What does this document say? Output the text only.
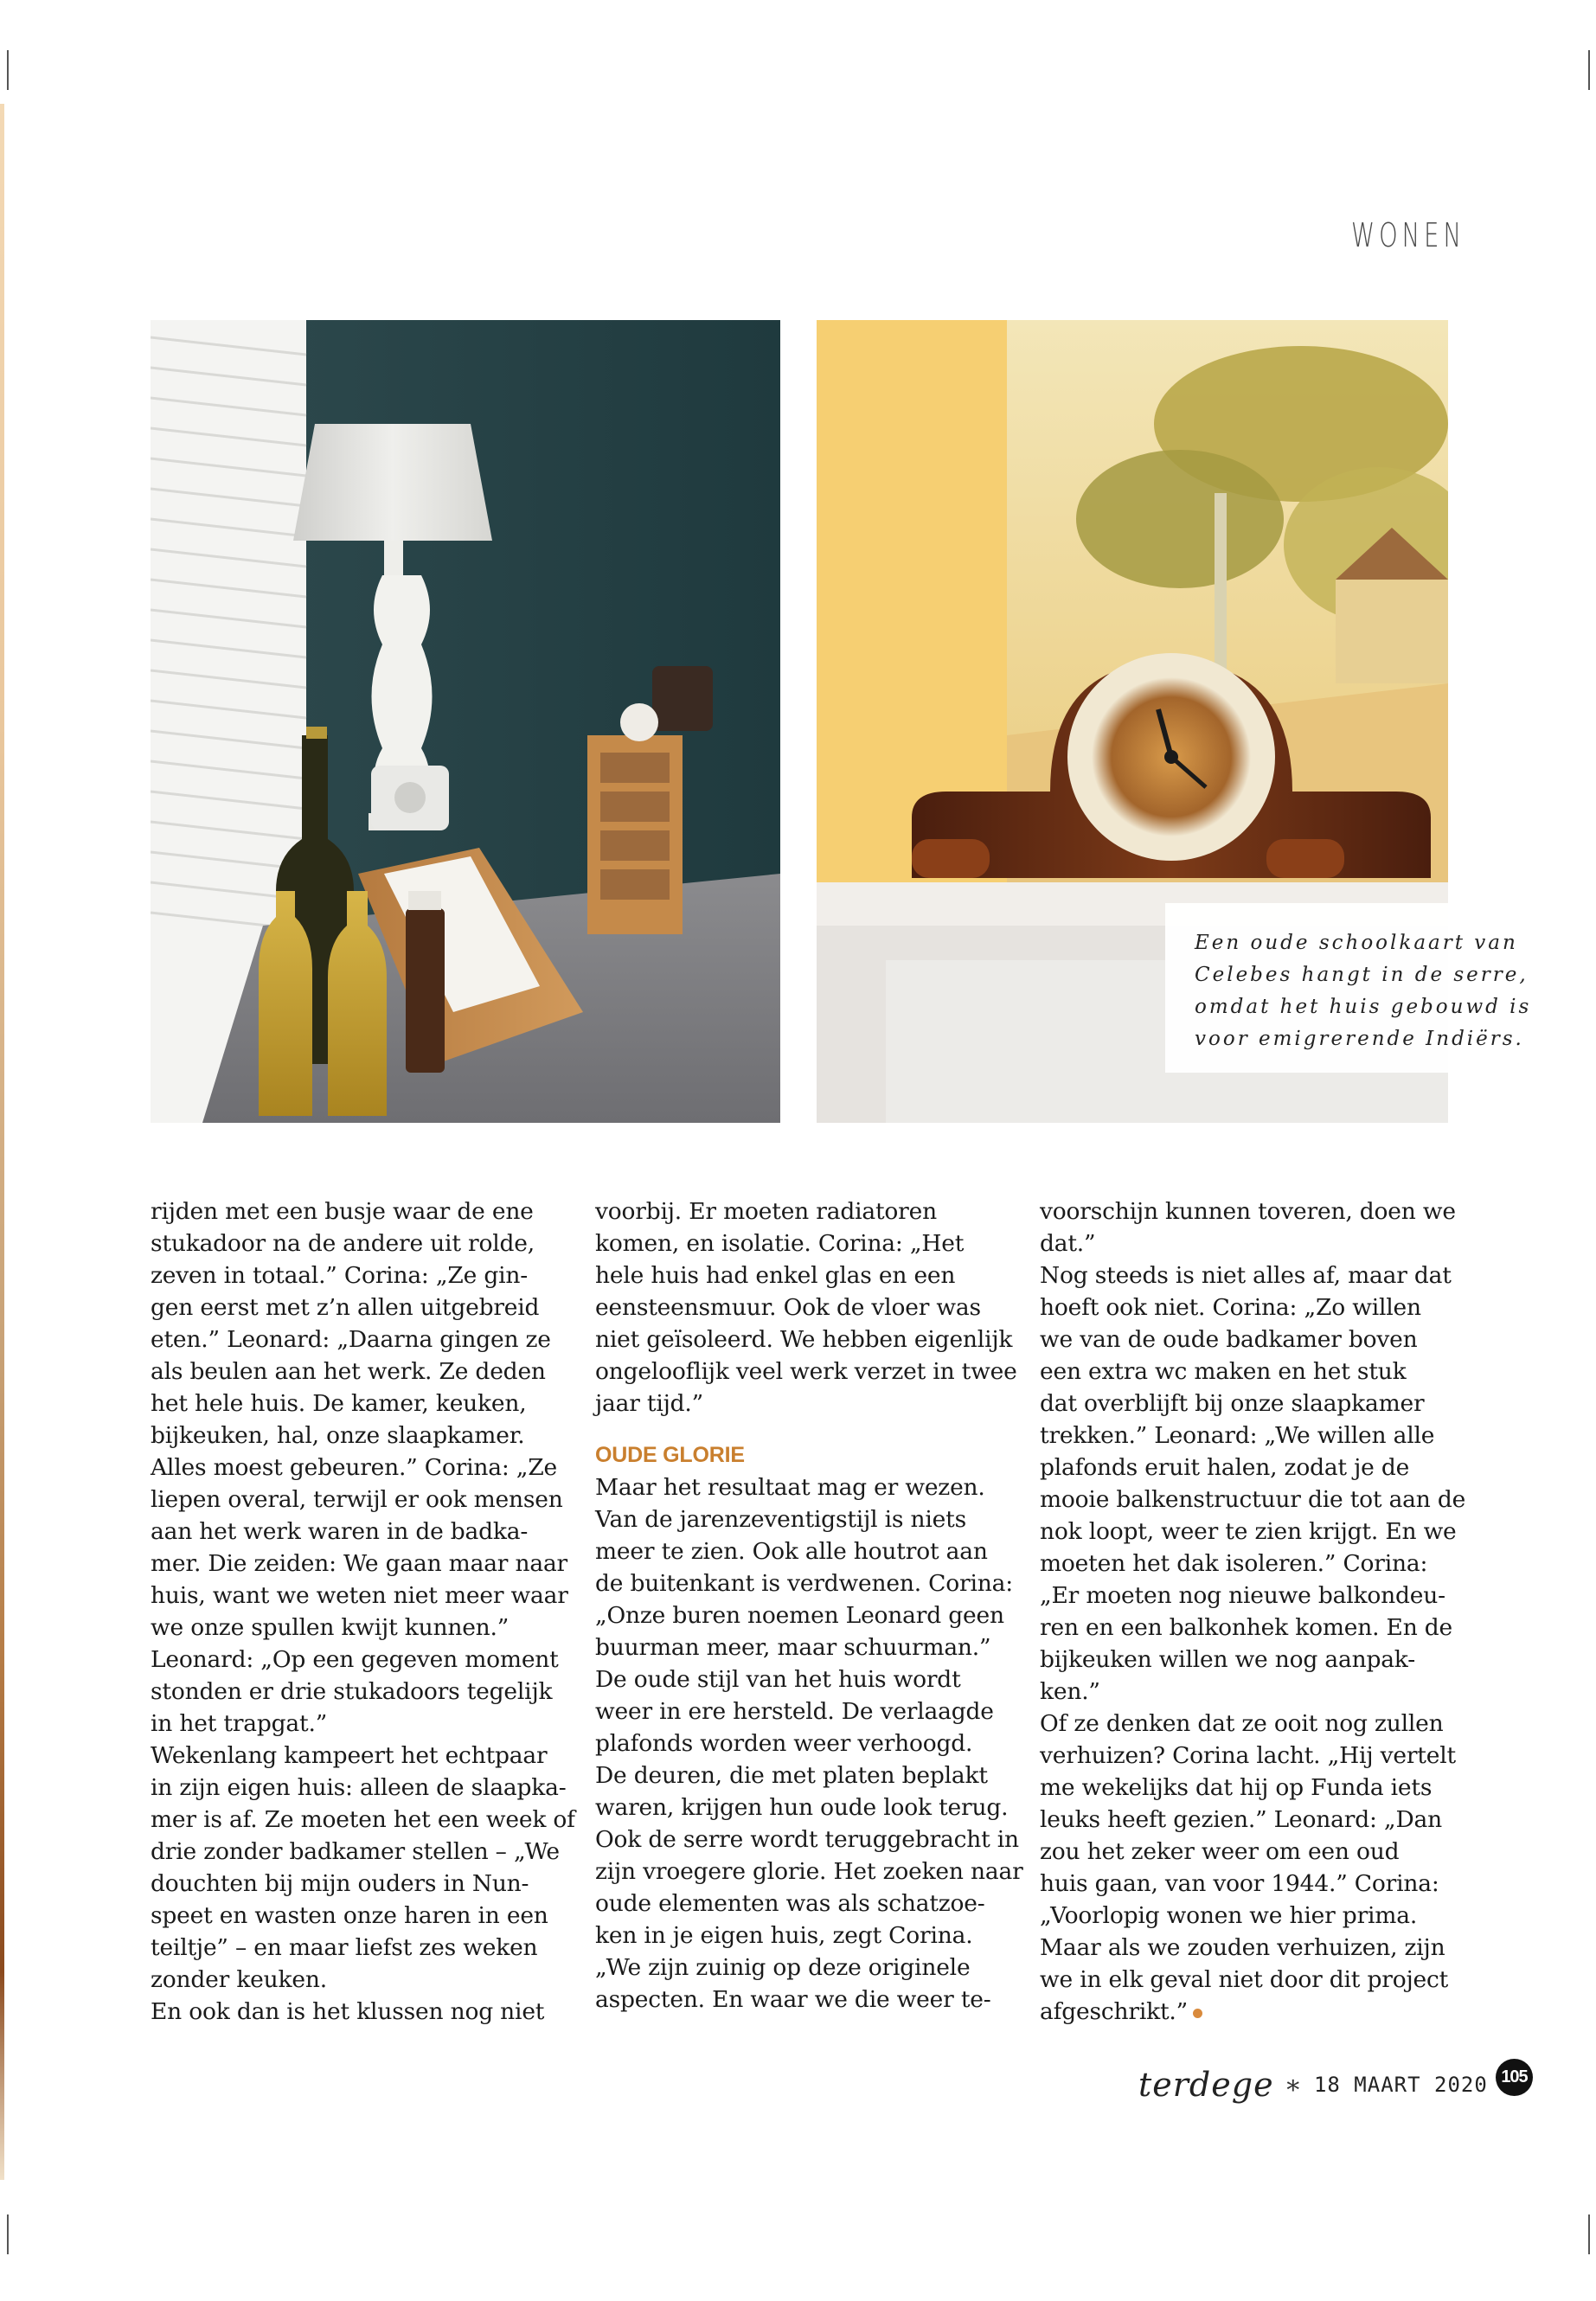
WONEN

Een oude schoolkaart van

Celebes hangt in de serre,

omdat het huis gebouwd is

voor emigrerende Indiërs.

rijden met een busje waar de ene
stukadoor na de andere uit rolde,
zeven in totaal.” Corina: „Ze gin-
gen eerst met z’n allen uitgebreid
eten.” Leonard: „Daarna gingen ze
als beulen aan het werk. Ze deden
het hele huis. De kamer, keuken,
bijkeuken, hal, onze slaapkamer.
Alles moest gebeuren.” Corina: „Ze
liepen overal, terwijl er ook mensen
aan het werk waren in de badka-
mer. Die zeiden: We gaan maar naar
huis, want we weten niet meer waar
we onze spullen kwijt kunnen.”
Leonard: „Op een gegeven moment
stonden er drie stukadoors tegelijk
in het trapgat.”
Wekenlang kampeert het echtpaar
in zijn eigen huis: alleen de slaapka-
mer is af. Ze moeten het een week of
drie zonder badkamer stellen – „We
douchten bij mijn ouders in Nun-
speet en wasten onze haren in een
teiltje” – en maar liefst zes weken
zonder keuken.
En ook dan is het klussen nog niet
voorbij. Er moeten radiatoren
komen, en isolatie. Corina: „Het
hele huis had enkel glas en een
eensteensmuur. Ook de vloer was
niet geïsoleerd. We hebben eigenlijk
ongelooflijk veel werk verzet in twee
jaar tijd.”
OUDE GLORIE
Maar het resultaat mag er wezen.
Van de jarenzeventigstijl is niets
meer te zien. Ook alle houtrot aan
de buitenkant is verdwenen. Corina:
„Onze buren noemen Leonard geen
buurman meer, maar schuurman.”
De oude stijl van het huis wordt
weer in ere hersteld. De verlaagde
plafonds worden weer verhoogd.
De deuren, die met platen beplakt
waren, krijgen hun oude look terug.
Ook de serre wordt teruggebracht in
zijn vroegere glorie. Het zoeken naar
oude elementen was als schatzoe-
ken in je eigen huis, zegt Corina.
„We zijn zuinig op deze originele
aspecten. En waar we die weer te-
voorschijn kunnen toveren, doen we
dat.”
Nog steeds is niet alles af, maar dat
hoeft ook niet. Corina: „Zo willen
we van de oude badkamer boven
een extra wc maken en het stuk
dat overblijft bij onze slaapkamer
trekken.” Leonard: „We willen alle
plafonds eruit halen, zodat je de
mooie balkenstructuur die tot aan de
nok loopt, weer te zien krijgt. En we
moeten het dak isoleren.” Corina:
„Er moeten nog nieuwe balkondeu-
ren en een balkonhek komen. En de
bijkeuken willen we nog aanpak-
ken.”
Of ze denken dat ze ooit nog zullen
verhuizen? Corina lacht. „Hij vertelt
me wekelijks dat hij op Funda iets
leuks heeft gezien.” Leonard: „Dan
zou het zeker weer om een oud
huis gaan, van voor 1944.” Corina:
„Voorlopig wonen we hier prima.
Maar als we zouden verhuizen, zijn
we in elk geval niet door dit project
afgeschrikt.”
terdege ∗ 18 MAART 2020 105
